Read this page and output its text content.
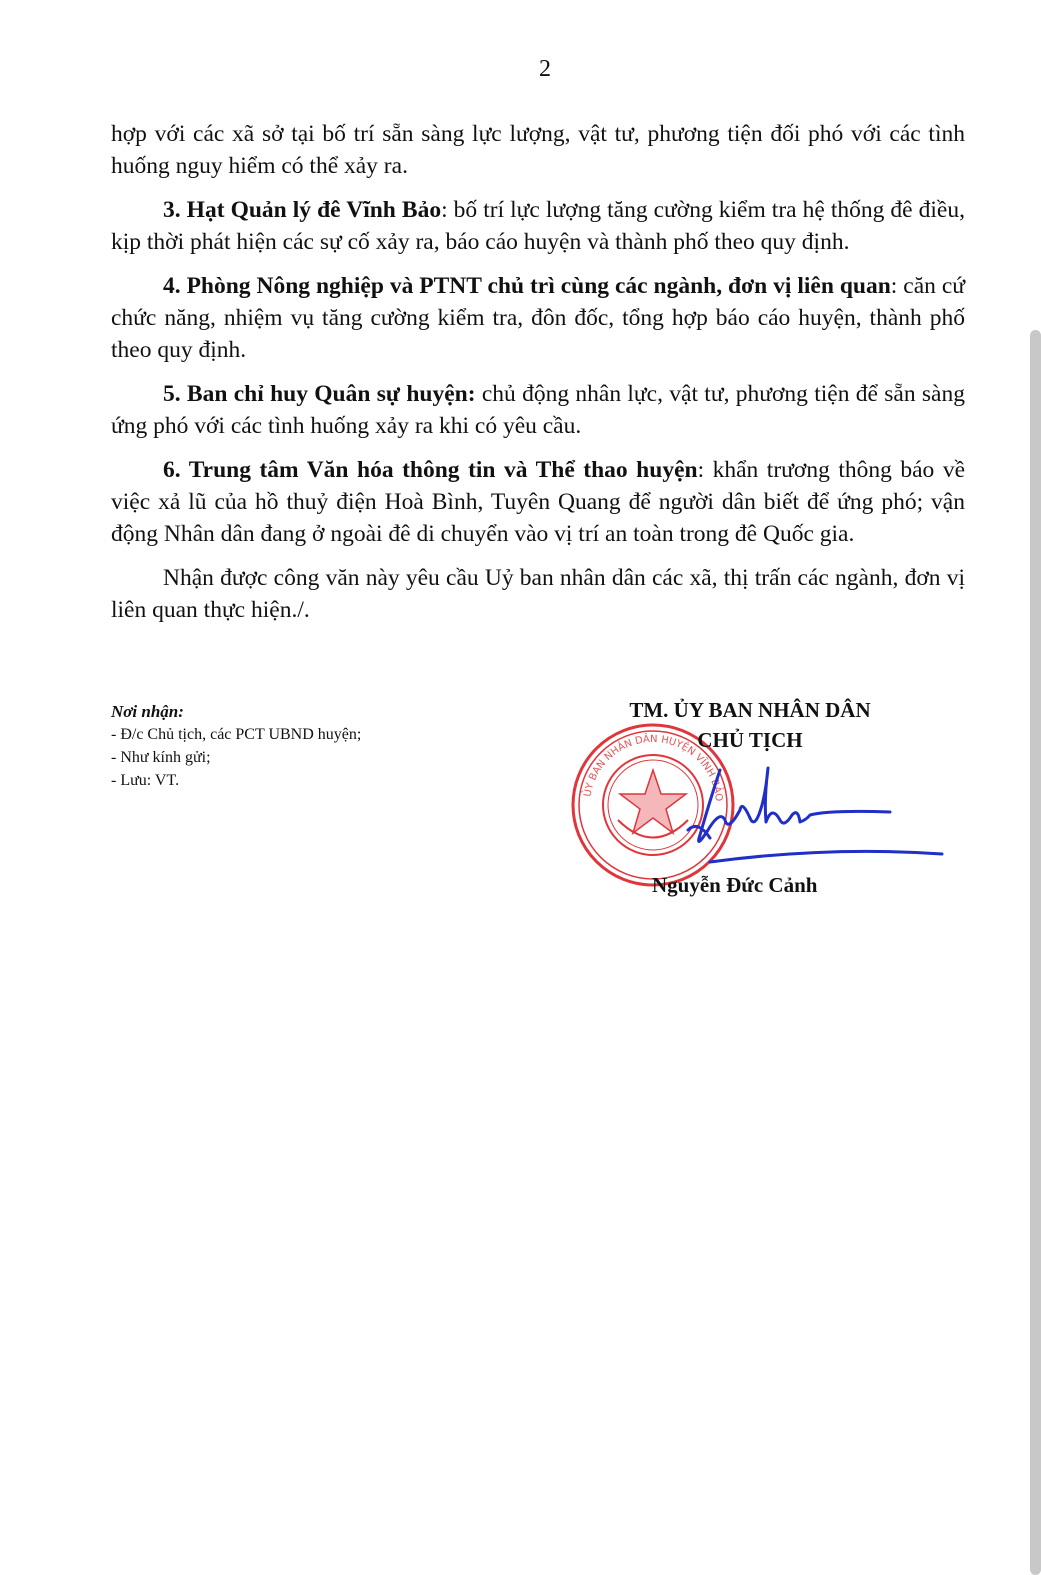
2

hợp với các xã sở tại bố trí sẵn sàng lực lượng, vật tư, phương tiện đối phó với các tình huống nguy hiểm có thể xảy ra.

3. Hạt Quản lý đê Vĩnh Bảo: bố trí lực lượng tăng cường kiểm tra hệ thống đê điều, kịp thời phát hiện các sự cố xảy ra, báo cáo huyện và thành phố theo quy định.

4. Phòng Nông nghiệp và PTNT chủ trì cùng các ngành, đơn vị liên quan: căn cứ chức năng, nhiệm vụ tăng cường kiểm tra, đôn đốc, tổng hợp báo cáo huyện, thành phố theo quy định.

5. Ban chỉ huy Quân sự huyện: chủ động nhân lực, vật tư, phương tiện để sẵn sàng ứng phó với các tình huống xảy ra khi có yêu cầu.

6. Trung tâm Văn hóa thông tin và Thể thao huyện: khẩn trương thông báo về việc xả lũ của hồ thuỷ điện Hoà Bình, Tuyên Quang để người dân biết để ứng phó; vận động Nhân dân đang ở ngoài đê di chuyển vào vị trí an toàn trong đê Quốc gia.

Nhận được công văn này yêu cầu Uỷ ban nhân dân các xã, thị trấn các ngành, đơn vị liên quan thực hiện./.

Nơi nhận:
- Đ/c Chủ tịch, các PCT UBND huyện;
- Như kính gửi;
- Lưu: VT.
ỦY BAN NHÂN DÂN HUYỆN VĨNH BẢO
TM. ỦY BAN NHÂN DÂN
CHỦ TỊCH
Nguyễn Đức Cảnh
